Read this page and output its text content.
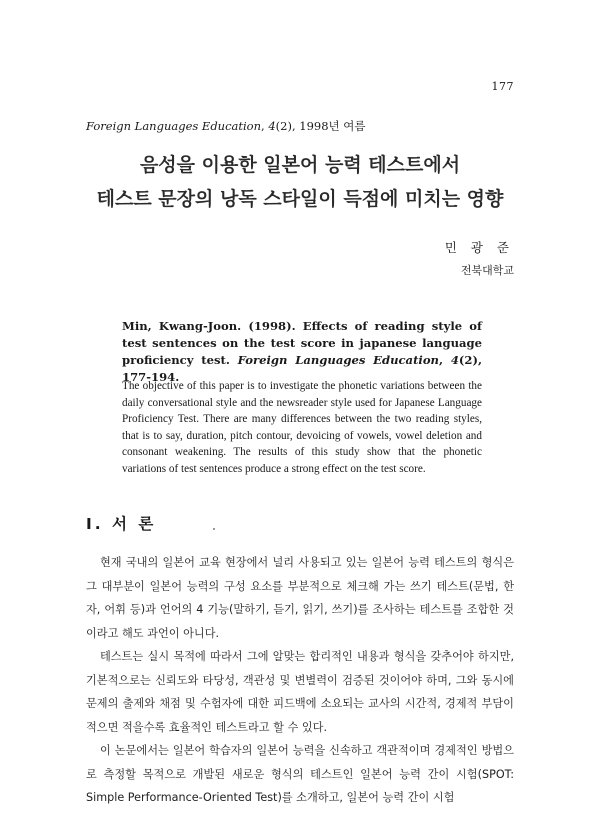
177
Foreign Languages Education, 4(2), 1998년 여름
음성을 이용한 일본어 능력 테스트에서
테스트 문장의 낭독 스타일이 득점에 미치는 영향
민 광 준
전북대학교
Min, Kwang-Joon. (1998). Effects of reading style of test sentences on the test score in japanese language proficiency test. Foreign Languages Education, 4(2), 177-194.
The objective of this paper is to investigate the phonetic variations between the daily conversational style and the newsreader style used for Japanese Language Proficiency Test. There are many differences between the two reading styles, that is to say, duration, pitch contour, devoicing of vowels, vowel deletion and consonant weakening. The results of this study show that the phonetic variations of test sentences produce a strong effect on the test score.
Ⅰ. 서 론

현재 국내의 일본어 교육 현장에서 널리 사용되고 있는 일본어 능력 테스트의 형식은 그 대부분이 일본어 능력의 구성 요소를 부분적으로 체크해 가는 쓰기 테스트(문법, 한자, 어휘 등)과 언어의 4 기능(말하기, 듣기, 읽기, 쓰기)를 조사하는 테스트를 조합한 것이라고 해도 과언이 아니다.

테스트는 실시 목적에 따라서 그에 알맞는 합리적인 내용과 형식을 갖추어야 하지만, 기본적으로는 신뢰도와 타당성, 객관성 및 변별력이 검증된 것이어야 하며, 그와 동시에 문제의 출제와 채점 및 수험자에 대한 피드백에 소요되는 교사의 시간적, 경제적 부담이 적으면 적을수록 효율적인 테스트라고 할 수 있다.

이 논문에서는 일본어 학습자의 일본어 능력을 신속하고 객관적이며 경제적인 방법으로 측정할 목적으로 개발된 새로운 형식의 테스트인 일본어 능력 간이 시험(SPOT: Simple Performance-Oriented Test)를 소개하고, 일본어 능력 간이 시험
